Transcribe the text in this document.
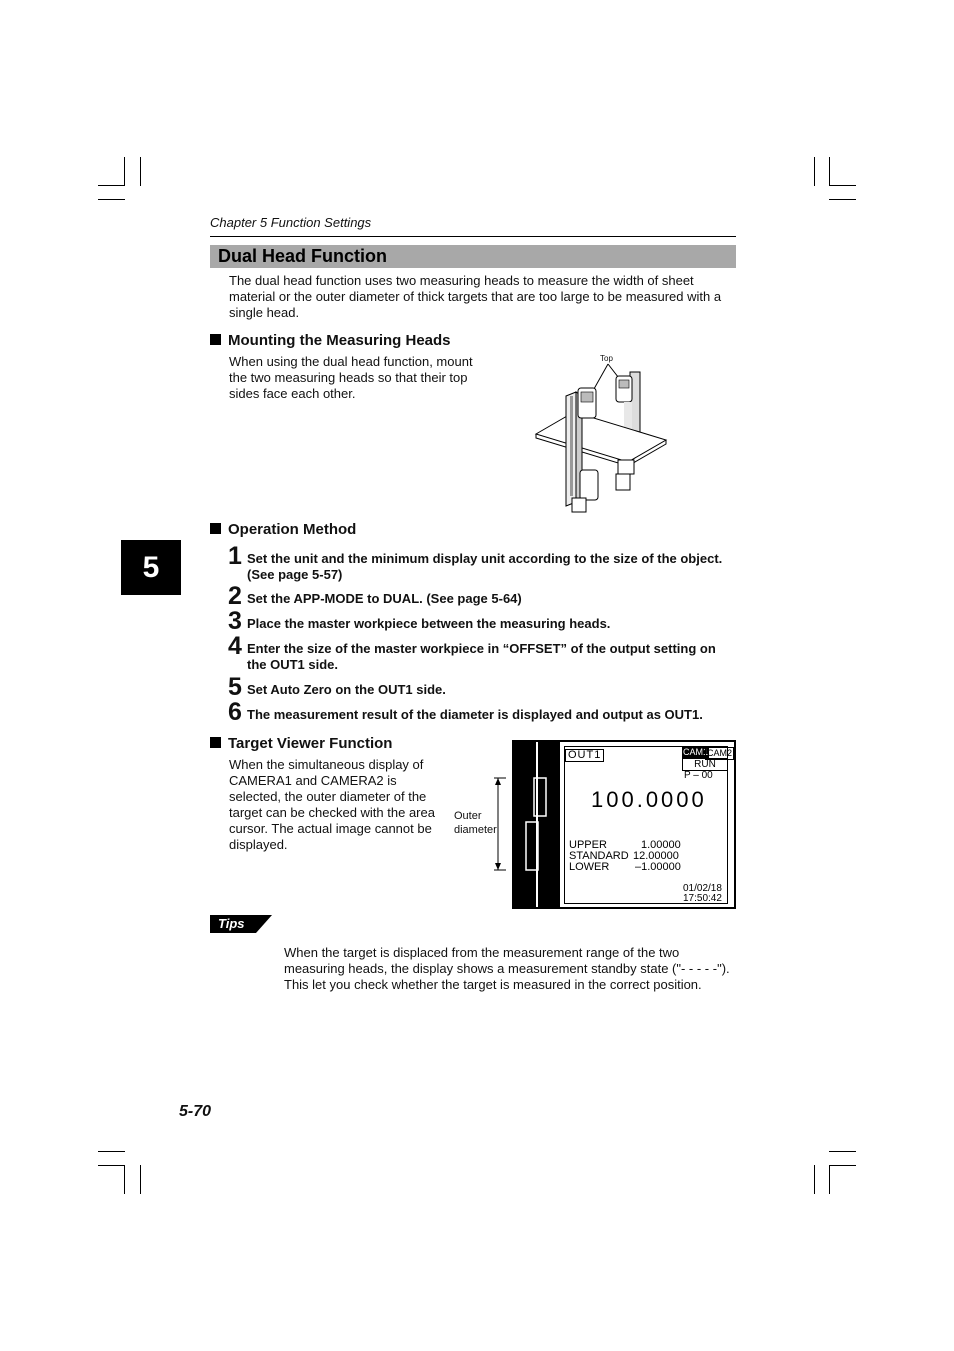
Chapter 5 Function Settings
Dual Head Function
The dual head function uses two measuring heads to measure the width of sheet material or the outer diameter of thick targets that are too large to be measured with a single head.
Mounting the Measuring Heads
When using the dual head function, mount the two measuring heads so that their top sides face each other.
Top
5
Operation Method
1 Set the unit and the minimum display unit according to the size of the object. (See page 5-57)
2 Set the APP-MODE to DUAL. (See page 5-64)
3 Place the master workpiece between the measuring heads.
4 Enter the size of the master workpiece in “OFFSET” of the output setting on the OUT1 side.
5 Set Auto Zero on the OUT1 side.
6 The measurement result of the diameter is displayed and output as OUT1.
Target Viewer Function
When the simultaneous display of CAMERA1 and CAMERA2 is selected, the outer diameter of the target can be checked with the area cursor. The actual image cannot be displayed.
Outer diameter
OUT1	CAM1
CAM2
RUN
P – 00
100.0000
UPPER	1.00000
STANDARD 12.00000
LOWER –1.00000
01/02/18
17:50:42
Tips
When the target is displaced from the measurement range of the two measuring heads, the display shows a measurement standby state ("- - - - -"). This let you check whether the target is measured in the correct position.
5-70
